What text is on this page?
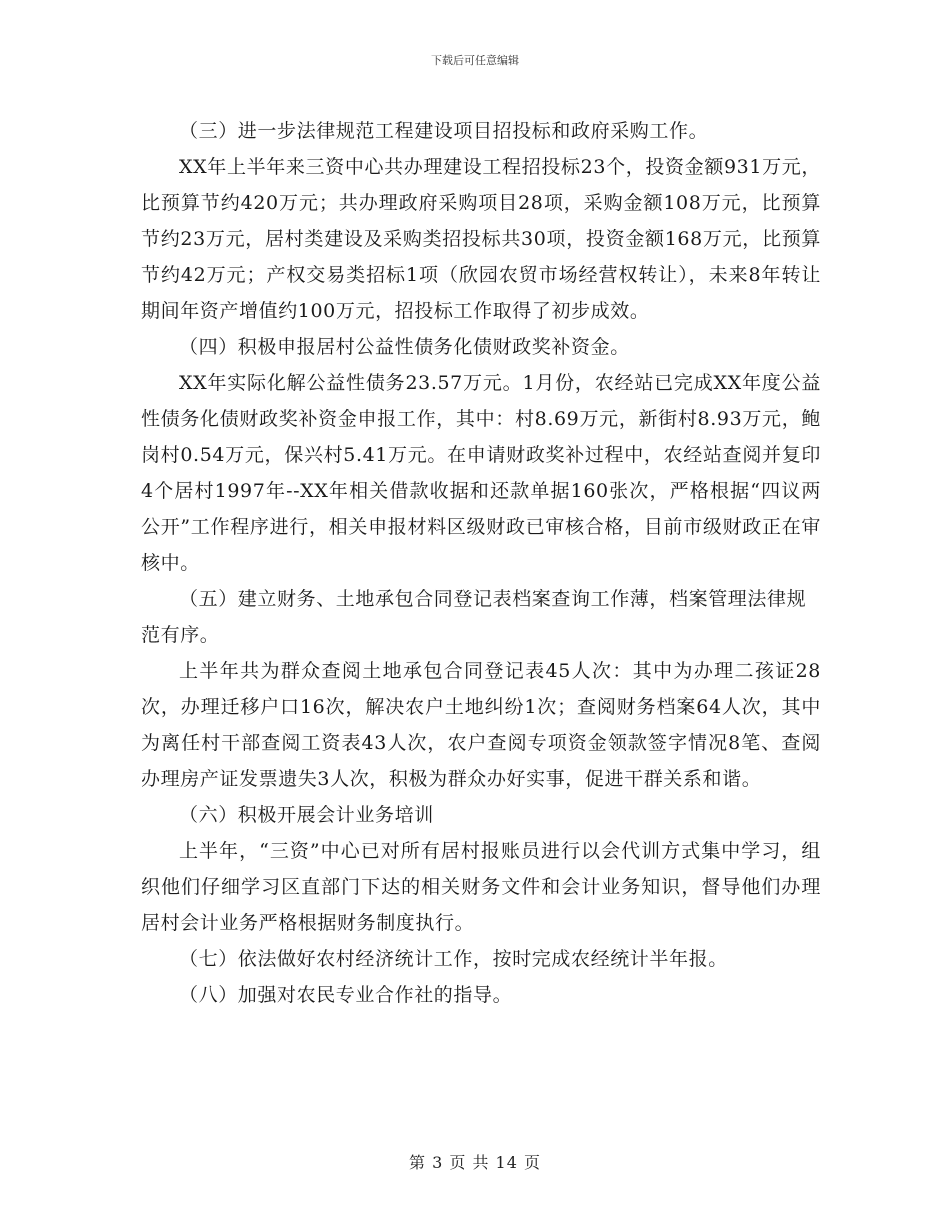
下载后可任意编辑

（三）进一步法律规范工程建设项目招投标和政府采购工作。

XX年上半年来三资中心共办理建设工程招投标23个，投资金额931万元，比预算节约420万元；共办理政府采购项目28项，采购金额108万元，比预算节约23万元，居村类建设及采购类招投标共30项，投资金额168万元，比预算节约42万元；产权交易类招标1项（欣园农贸市场经营权转让），未来8年转让期间年资产增值约100万元，招投标工作取得了初步成效。

（四）积极申报居村公益性债务化债财政奖补资金。

XX年实际化解公益性债务23.57万元。1月份，农经站已完成XX年度公益性债务化债财政奖补资金申报工作，其中：村8.69万元，新街村8.93万元，鲍岗村0.54万元，保兴村5.41万元。在申请财政奖补过程中，农经站查阅并复印4个居村1997年--XX年相关借款收据和还款单据160张次，严格根据“四议两公开”工作程序进行，相关申报材料区级财政已审核合格，目前市级财政正在审核中。

（五）建立财务、土地承包合同登记表档案查询工作薄，档案管理法律规范有序。

上半年共为群众查阅土地承包合同登记表45人次：其中为办理二孩证28次，办理迁移户口16次，解决农户土地纠纷1次；查阅财务档案64人次，其中为离任村干部查阅工资表43人次，农户查阅专项资金领款签字情况8笔、查阅办理房产证发票遗失3人次，积极为群众办好实事，促进干群关系和谐。

（六）积极开展会计业务培训

上半年，“三资”中心已对所有居村报账员进行以会代训方式集中学习，组织他们仔细学习区直部门下达的相关财务文件和会计业务知识，督导他们办理居村会计业务严格根据财务制度执行。

（七）依法做好农村经济统计工作，按时完成农经统计半年报。

（八）加强对农民专业合作社的指导。

第 3 页 共 14 页
